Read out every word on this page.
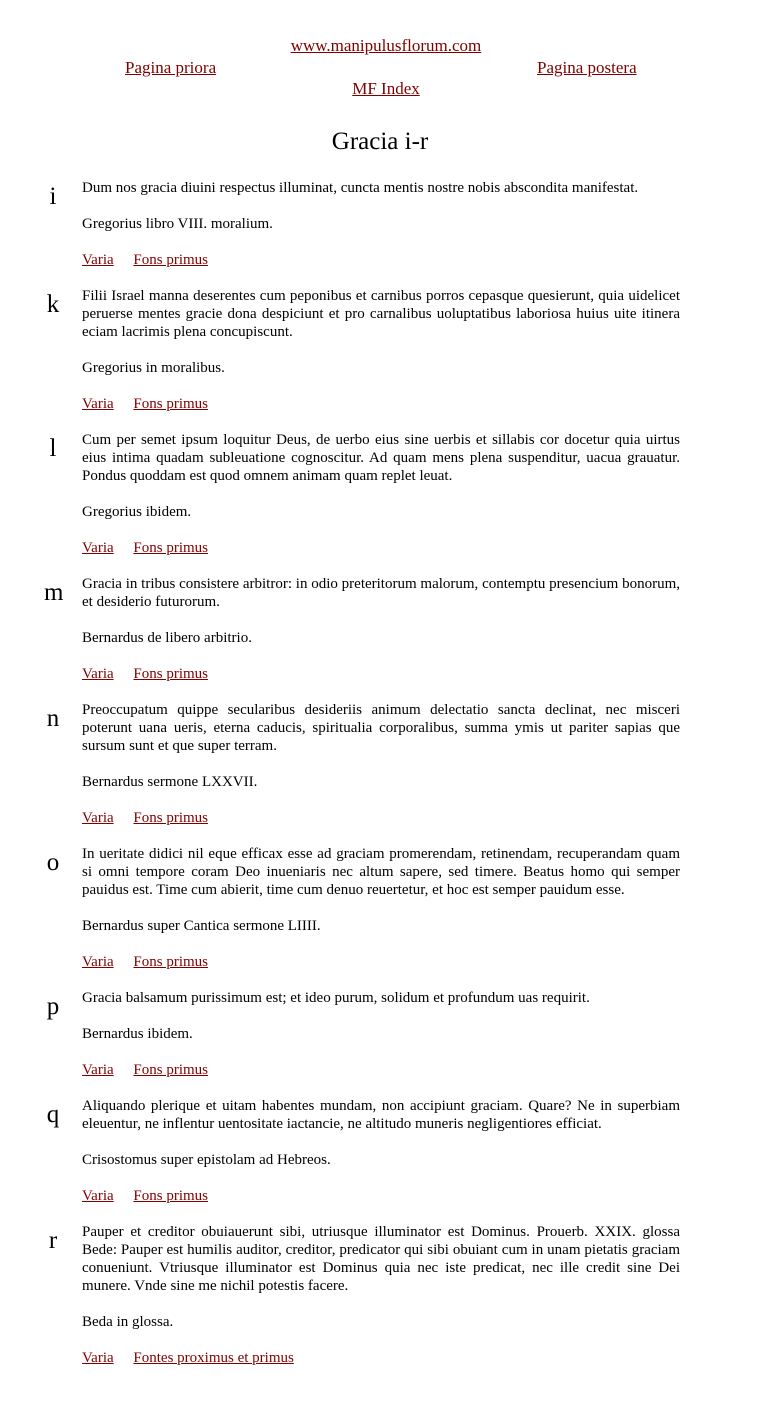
www.manipulusflorum.com
Pagina priora	Pagina postera
MF Index
Gracia i-r
i	Dum nos gracia diuini respectus illuminat, cuncta mentis nostre nobis abscondita manifestat.

Gregorius libro VIII. moralium.

Varia Fons primus

k Filii Israel manna deserentes cum peponibus et carnibus porros cepasque quesierunt, quia uidelicet peruerse mentes gracie dona despiciunt et pro carnalibus uoluptatibus laboriosa huius uite itinera eciam lacrimis plena concupiscunt.

Gregorius in moralibus.

Varia Fons primus

l	Cum per semet ipsum loquitur Deus, de uerbo eius sine uerbis et sillabis cor docetur quia uirtus eius intima quadam subleuatione cognoscitur. Ad quam mens plena suspenditur, uacua grauatur. Pondus quoddam est quod omnem animam quam replet leuat.

Gregorius ibidem.

Varia Fons primus

m Gracia in tribus consistere arbitror: in odio preteritorum malorum, contemptu presencium bonorum, et desiderio futurorum.

Bernardus de libero arbitrio.

Varia Fons primus

n Preoccupatum quippe secularibus desideriis animum delectatio sancta declinat, nec misceri poterunt uana ueris, eterna caducis, spiritualia corporalibus, summa ymis ut pariter sapias que sursum sunt et que super terram.

Bernardus sermone LXXVII.

Varia Fons primus

o In ueritate didici nil eque efficax esse ad graciam promerendam, retinendam, recuperandam quam si omni tempore coram Deo inueniaris nec altum sapere, sed timere. Beatus homo qui semper pauidus est. Time cum abierit, time cum denuo reuertetur, et hoc est semper pauidum esse.

Bernardus super Cantica sermone LIIII.

Varia Fons primus

p Gracia balsamum purissimum est; et ideo purum, solidum et profundum uas requirit.

Bernardus ibidem.

Varia Fons primus

q Aliquando plerique et uitam habentes mundam, non accipiunt graciam. Quare? Ne in superbiam eleuentur, ne inflentur uentositate iactancie, ne altitudo muneris negligentiores efficiat.

Crisostomus super epistolam ad Hebreos.

Varia Fons primus

r	Pauper et creditor obuiauerunt sibi, utriusque illuminator est Dominus. Prouerb. XXIX. glossa Bede: Pauper est humilis auditor, creditor, predicator qui sibi obuiant cum in unam pietatis graciam conueniunt. Vtriusque illuminator est Dominus quia nec iste predicat, nec ille credit sine Dei munere. Vnde sine me nichil potestis facere.

Beda in glossa.

Varia Fontes proximus et primus
